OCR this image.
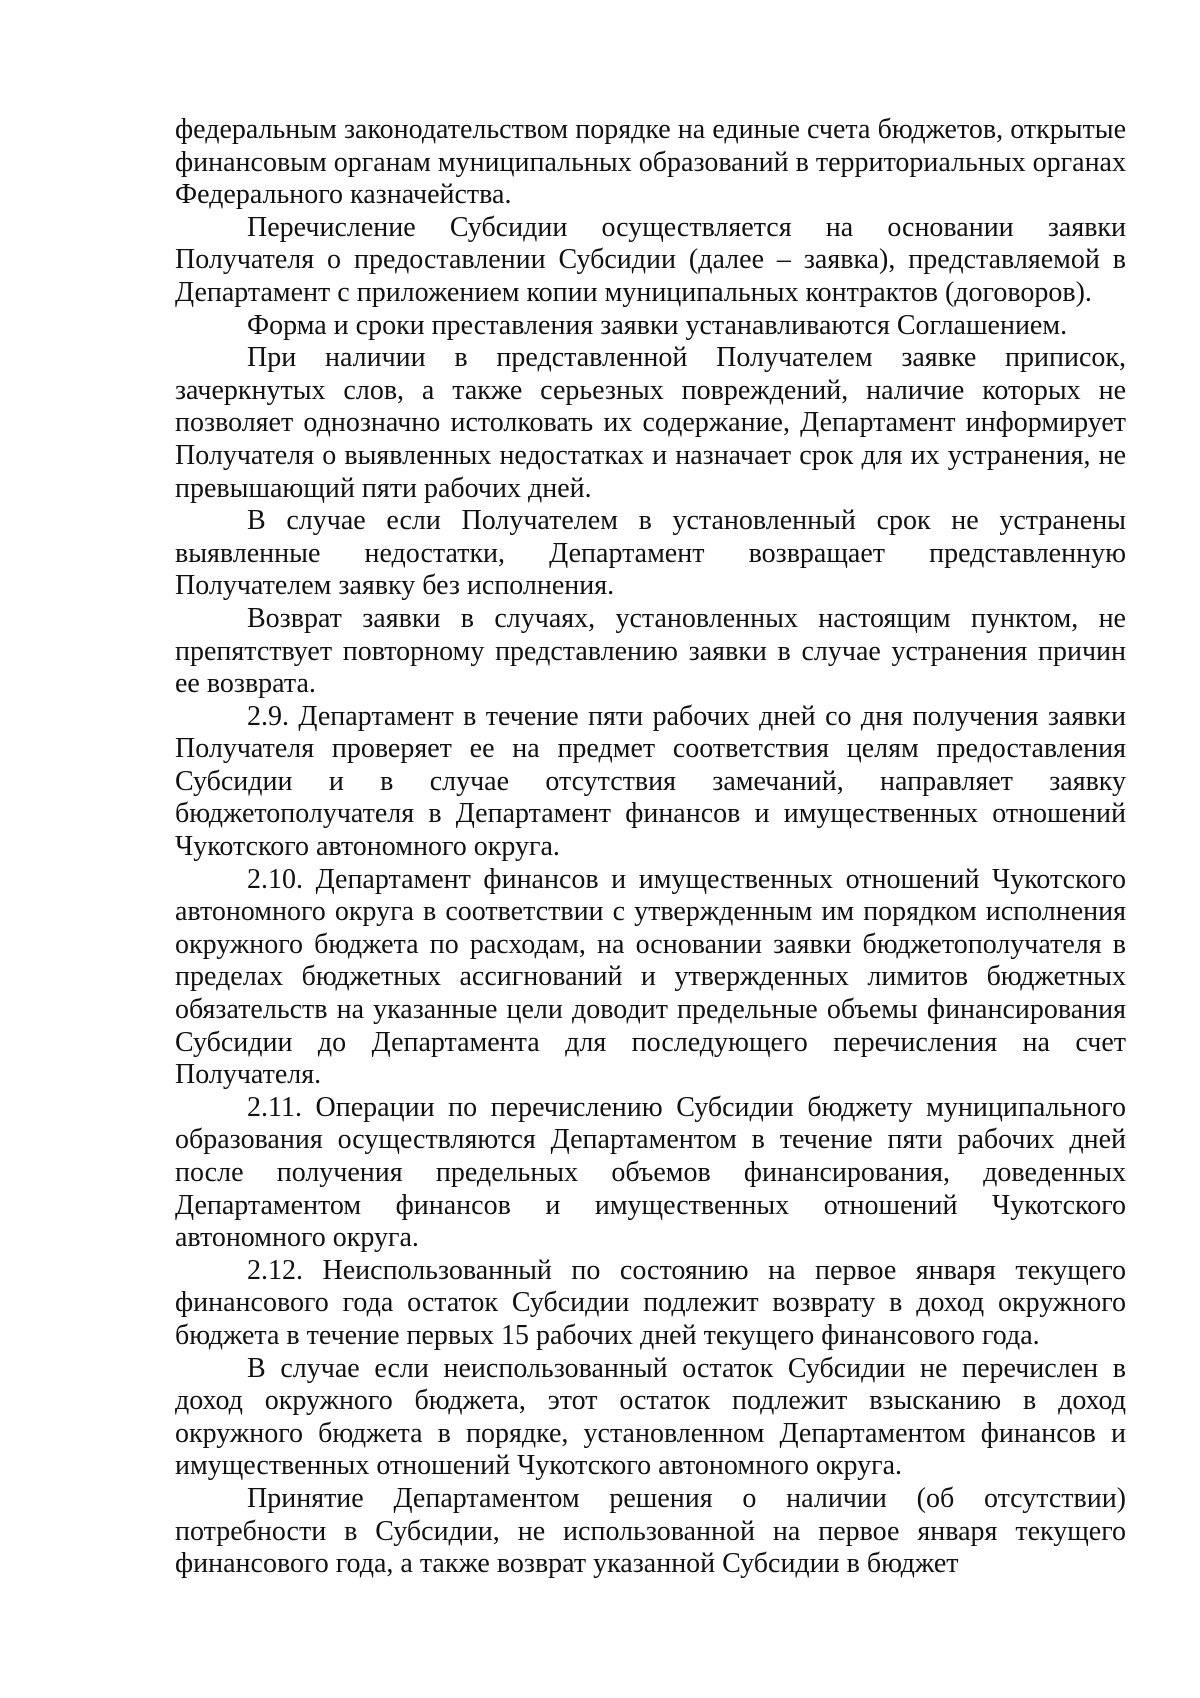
федеральным законодательством порядке на единые счета бюджетов, открытые финансовым органам муниципальных образований в территориальных органах Федерального казначейства.

Перечисление Субсидии осуществляется на основании заявки Получателя о предоставлении Субсидии (далее – заявка), представляемой в Департамент с приложением копии муниципальных контрактов (договоров).

Форма и сроки преставления заявки устанавливаются Соглашением.

При наличии в представленной Получателем заявке приписок, зачеркнутых слов, а также серьезных повреждений, наличие которых не позволяет однозначно истолковать их содержание, Департамент информирует Получателя о выявленных недостатках и назначает срок для их устранения, не превышающий пяти рабочих дней.

В случае если Получателем в установленный срок не устранены выявленные недостатки, Департамент возвращает представленную Получателем заявку без исполнения.

Возврат заявки в случаях, установленных настоящим пунктом, не препятствует повторному представлению заявки в случае устранения причин ее возврата.

2.9. Департамент в течение пяти рабочих дней со дня получения заявки Получателя проверяет ее на предмет соответствия целям предоставления Субсидии и в случае отсутствия замечаний, направляет заявку бюджетополучателя в Департамент финансов и имущественных отношений Чукотского автономного округа.

2.10. Департамент финансов и имущественных отношений Чукотского автономного округа в соответствии с утвержденным им порядком исполнения окружного бюджета по расходам, на основании заявки бюджетополучателя в пределах бюджетных ассигнований и утвержденных лимитов бюджетных обязательств на указанные цели доводит предельные объемы финансирования Субсидии до Департамента для последующего перечисления на счет Получателя.

2.11. Операции по перечислению Субсидии бюджету муниципального образования осуществляются Департаментом в течение пяти рабочих дней после получения предельных объемов финансирования, доведенных Департаментом финансов и имущественных отношений Чукотского автономного округа.

2.12. Неиспользованный по состоянию на первое января текущего финансового года остаток Субсидии подлежит возврату в доход окружного бюджета в течение первых 15 рабочих дней текущего финансового года.

В случае если неиспользованный остаток Субсидии не перечислен в доход окружного бюджета, этот остаток подлежит взысканию в доход окружного бюджета в порядке, установленном Департаментом финансов и имущественных отношений Чукотского автономного округа.

Принятие Департаментом решения о наличии (об отсутствии) потребности в Субсидии, не использованной на первое января текущего финансового года, а также возврат указанной Субсидии в бюджет
